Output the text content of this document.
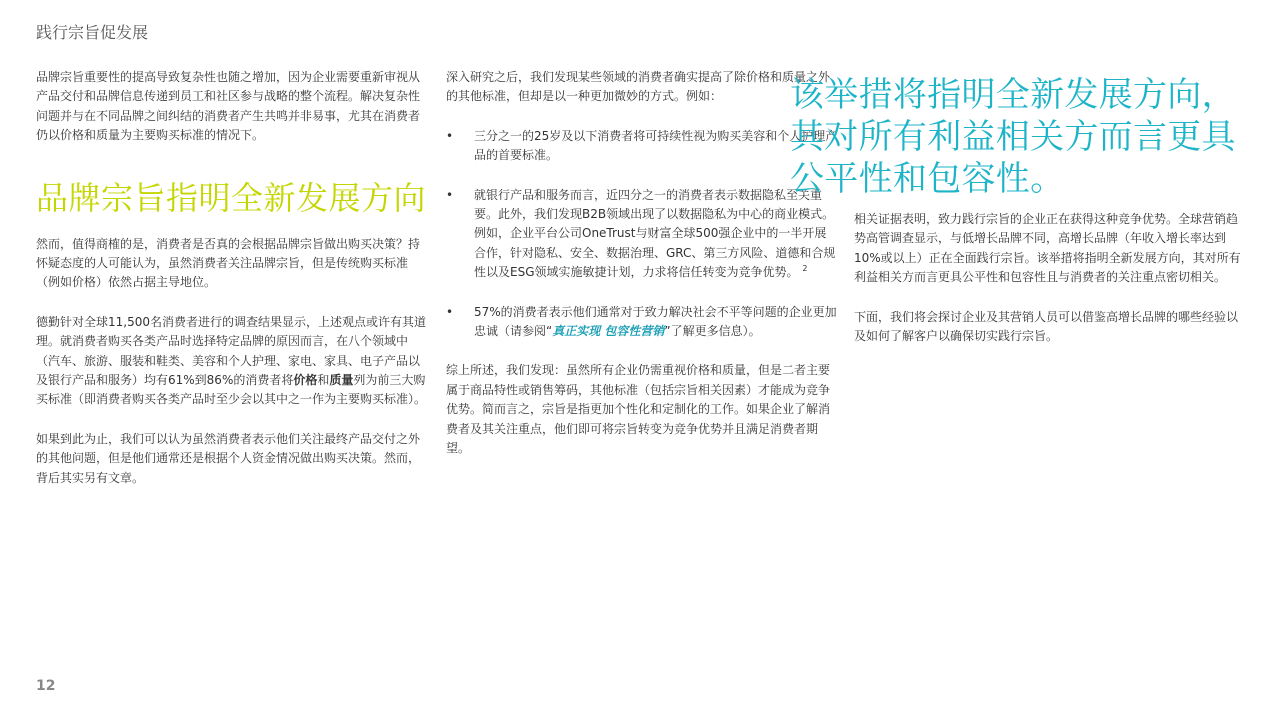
践行宗旨促发展

品牌宗旨重要性的提高导致复杂性也随之增加，因为企业需要重新审视从产品交付和品牌信息传递到员工和社区参与战略的整个流程。解决复杂性问题并与在不同品牌之间纠结的消费者产生共鸣并非易事，尤其在消费者仍以价格和质量为主要购买标准的情况下。

品牌宗旨指明全新发展方向

然而，值得商榷的是，消费者是否真的会根据品牌宗旨做出购买决策？持怀疑态度的人可能认为，虽然消费者关注品牌宗旨，但是传统购买标准（例如价格）依然占据主导地位。

德勤针对全球11,500名消费者进行的调查结果显示，上述观点或许有其道理。就消费者购买各类产品时选择特定品牌的原因而言，在八个领域中（汽车、旅游、服装和鞋类、美容和个人护理、家电、家具、电子产品以及银行产品和服务）均有61%到86%的消费者将价格和质量列为前三大购买标准（即消费者购买各类产品时至少会以其中之一作为主要购买标准）。

如果到此为止，我们可以认为虽然消费者表示他们关注最终产品交付之外的其他问题，但是他们通常还是根据个人资金情况做出购买决策。然而，背后其实另有文章。

深入研究之后，我们发现某些领域的消费者确实提高了除价格和质量之外的其他标准，但却是以一种更加微妙的方式。例如：

• 三分之一的25岁及以下消费者将可持续性视为购买美容和个人护理产品的首要标准。

• 就银行产品和服务而言，近四分之一的消费者表示数据隐私至关重要。此外，我们发现B2B领域出现了以数据隐私为中心的商业模式。例如，企业平台公司OneTrust与财富全球500强企业中的一半开展合作，针对隐私、安全、数据治理、GRC、第三方风险、道德和合规性以及ESG领域实施敏捷计划，力求将信任转变为竞争优势。 $^2$

• 57%的消费者表示他们通常对于致力解决社会不平等问题的企业更加忠诚（请参阅“真正实现 包容性营销”了解更多信息）。

综上所述，我们发现：虽然所有企业仍需重视价格和质量，但是二者主要属于商品特性或销售筹码，其他标准（包括宗旨相关因素）才能成为竞争优势。简而言之，宗旨是指更加个性化和定制化的工作。如果企业了解消费者及其关注重点，他们即可将宗旨转变为竞争优势并且满足消费者期望。

该举措将指明全新发展方向，其对所有利益相关方而言更具公平性和包容性。

相关证据表明，致力践行宗旨的企业正在获得这种竞争优势。全球营销趋势高管调查显示，与低增长品牌不同，高增长品牌（年收入增长率达到10%或以上）正在全面践行宗旨。该举措将指明全新发展方向，其对所有利益相关方而言更具公平性和包容性且与消费者的关注重点密切相关。

下面，我们将会探讨企业及其营销人员可以借鉴高增长品牌的哪些经验以及如何了解客户以确保切实践行宗旨。

12
